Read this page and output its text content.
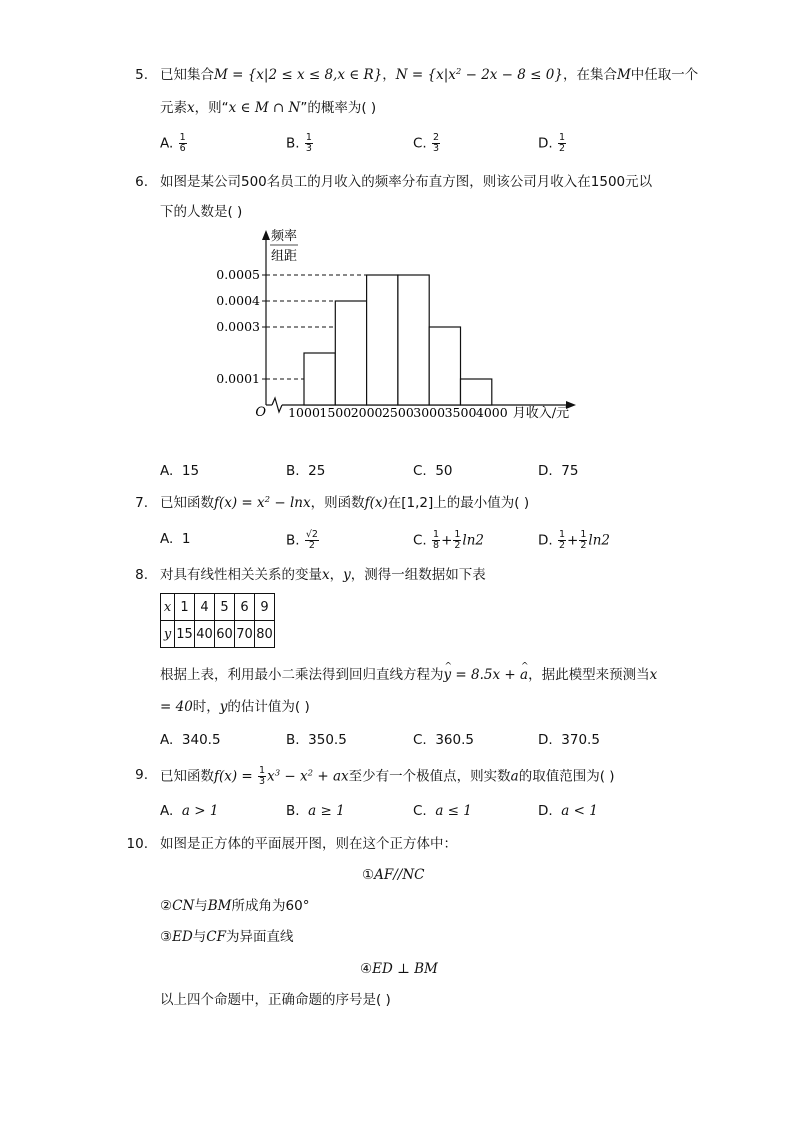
5. 已知集合M = {x|2 ≤ x ≤ 8,x ∈ R}，$N = \{x|x^2 - 2x - 8 \le 0\}$，在集合M中任取一个
元素x，则“x ∈ M ∩ N”的概率为( )
A. $\frac{1}{6}$	B. $\frac{1}{3}$	C. $\frac{2}{3}$	D. $\frac{1}{2}$
6. 如图是某公司500名员工的月收入的频率分布直方图，则该公司月收入在1500元以
下的人数是( )
频率
组距
O	月收入/元
0.0005
0.0004
0.0003
0.0001
1000 1500 2000 2500 3000 3500 4000
A. 15	B. 25	C. 50	D. 75
7. 已知函数$f(x) = x^2 - \ln x$，则函数f(x)在[1,2]上的最小值为( )
A. 1	B. $\frac{√2}{2}$	C. $\frac{1}{8} + \frac{1}{2} \ln 2$	D. $\frac{1}{2} + \frac{1}{2} \ln 2$
8. 对具有线性相关关系的变量x，y，测得一组数据如下表
x	1	4	5	6	9
y	15	40	60	70	80
根据上表，利用最小二乘法得到回归直线方程为^ y = 8.5x + ^ a，据此模型来预测当x
= 40时，y的估计值为( )
A. 340.5	B. 350.5	C. 360.5	D. 370.5
9. 已知函数$f(x) = \frac{1}{3} x^3 - x^2$ + ax至少有一个极值点，则实数a的取值范围为( )
A. a > 1	B. a ≥ 1	C. a ≤ 1	D. a < 1
10. 如图是正方体的平面展开图，则在这个正方体中：
①AF//NC
②CN与BM所成角为60°
③ED与CF为异面直线
④ED ⊥ BM
以上四个命题中，正确命题的序号是( )
